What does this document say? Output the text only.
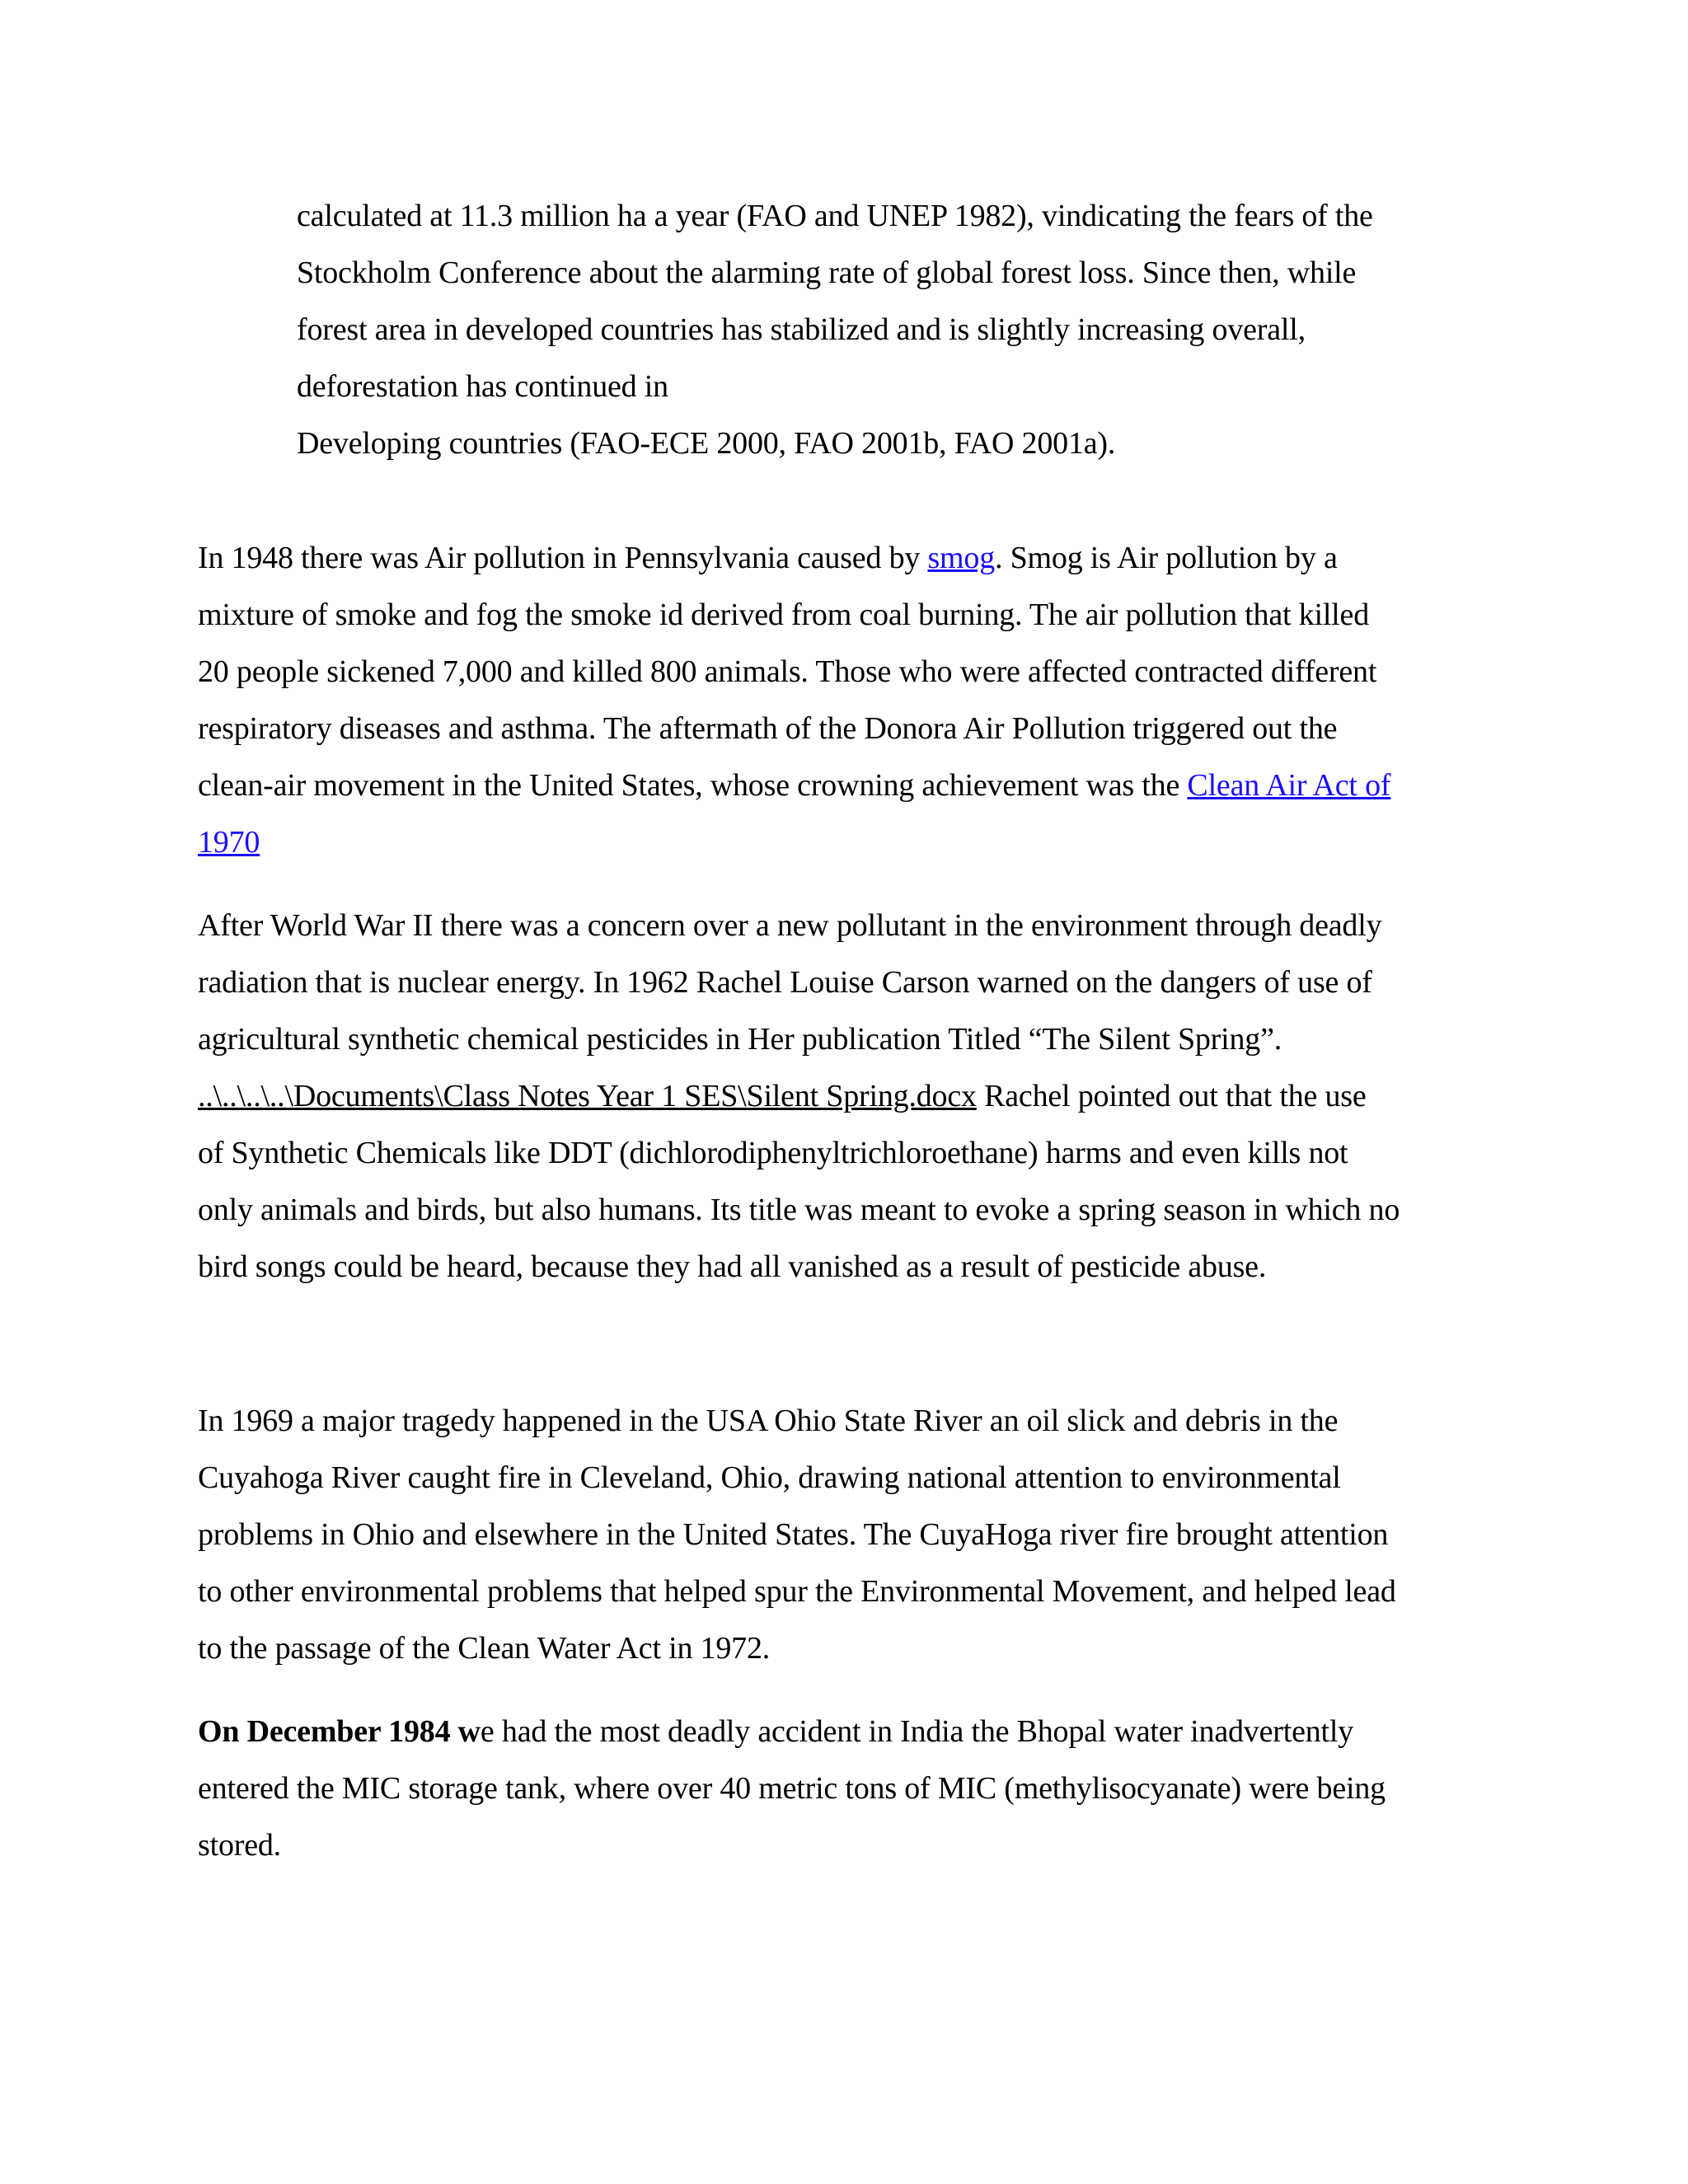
calculated at 11.3 million ha a year (FAO and UNEP 1982), vindicating the fears of the
Stockholm Conference about the alarming rate of global forest loss. Since then, while
forest area in developed countries has stabilized and is slightly increasing overall,
deforestation has continued in
Developing countries (FAO-ECE 2000, FAO 2001b, FAO 2001a).
In 1948 there was Air pollution in Pennsylvania caused by smog. Smog is Air pollution by a
mixture of smoke and fog the smoke id derived from coal burning. The air pollution that killed
20 people sickened 7,000 and killed 800 animals. Those who were affected contracted different
respiratory diseases and asthma. The aftermath of the Donora Air Pollution triggered out the
clean-air movement in the United States, whose crowning achievement was the Clean Air Act of
1970
After World War II there was a concern over a new pollutant in the environment through deadly
radiation that is nuclear energy. In 1962 Rachel Louise Carson warned on the dangers of use of
agricultural synthetic chemical pesticides in Her publication Titled “The Silent Spring”.
..\..\..\..\Documents\Class Notes Year 1 SES\Silent Spring.docx Rachel pointed out that the use
of Synthetic Chemicals like DDT (dichlorodiphenyltrichloroethane) harms and even kills not
only animals and birds, but also humans. Its title was meant to evoke a spring season in which no
bird songs could be heard, because they had all vanished as a result of pesticide abuse.
In 1969 a major tragedy happened in the USA Ohio State River an oil slick and debris in the
Cuyahoga River caught fire in Cleveland, Ohio, drawing national attention to environmental
problems in Ohio and elsewhere in the United States. The CuyaHoga river fire brought attention
to other environmental problems that helped spur the Environmental Movement, and helped lead
to the passage of the Clean Water Act in 1972.
On December 1984 we had the most deadly accident in India the Bhopal water inadvertently
entered the MIC storage tank, where over 40 metric tons of MIC (methylisocyanate) were being
stored.
